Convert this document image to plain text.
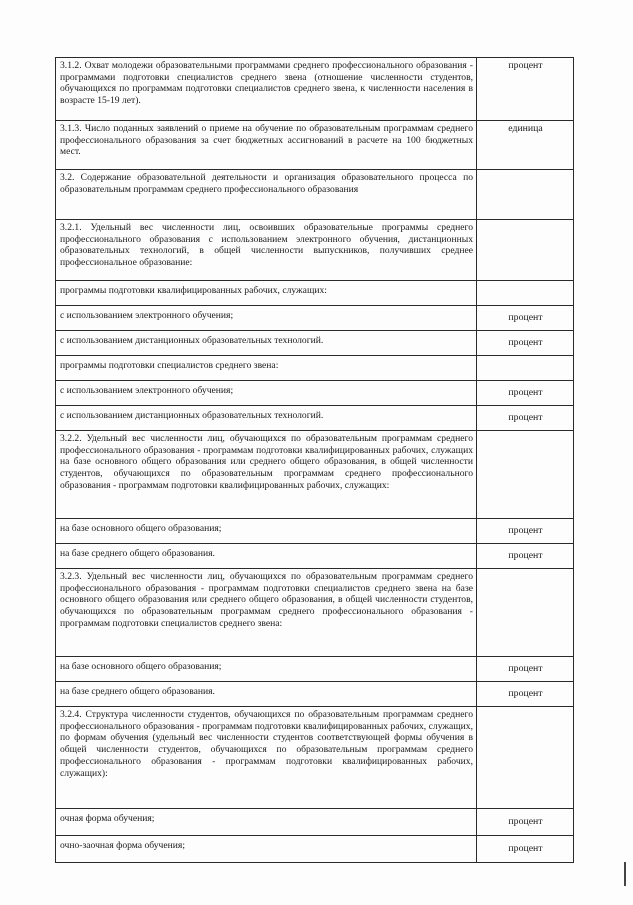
3.1.2. Охват молодежи образовательными программами среднего профессионального образования - программами подготовки специалистов среднего звена (отношение численности студентов, обучающихся по программам подготовки специалистов среднего звена, к численности населения в возрасте 15-19 лет).	процент
3.1.3. Число поданных заявлений о приеме на обучение по образовательным программам среднего профессионального образования за счет бюджетных ассигнований в расчете на 100 бюджетных мест.	единица
3.2. Содержание образовательной деятельности и организация образовательного процесса по образовательным программам среднего профессионального образования	
3.2.1. Удельный вес численности лиц, освоивших образовательные программы среднего профессионального образования с использованием электронного обучения, дистанционных образовательных технологий, в общей численности выпускников, получивших среднее профессиональное образование:	
программы подготовки квалифицированных рабочих, служащих:	
с использованием электронного обучения;	процент
с использованием дистанционных образовательных технологий.	процент
программы подготовки специалистов среднего звена:	
с использованием электронного обучения;	процент
с использованием дистанционных образовательных технологий.	процент
3.2.2. Удельный вес численности лиц, обучающихся по образовательным программам среднего профессионального образования - программам подготовки квалифицированных рабочих, служащих на базе основного общего образования или среднего общего образования, в общей численности студентов, обучающихся по образовательным программам среднего профессионального образования - программам подготовки квалифицированных рабочих, служащих:	
на базе основного общего образования;	процент
на базе среднего общего образования.	процент
3.2.3. Удельный вес численности лиц, обучающихся по образовательным программам среднего профессионального образования - программам подготовки специалистов среднего звена на базе основного общего образования или среднего общего образования, в общей численности студентов, обучающихся по образовательным программам среднего профессионального образования - программам подготовки специалистов среднего звена:	
на базе основного общего образования;	процент
на базе среднего общего образования.	процент
3.2.4. Структура численности студентов, обучающихся по образовательным программам среднего профессионального образования - программам подготовки квалифицированных рабочих, служащих, по формам обучения (удельный вес численности студентов соответствующей формы обучения в общей численности студентов, обучающихся по образовательным программам среднего профессионального образования - программам подготовки квалифицированных рабочих, служащих):	
очная форма обучения;	процент
очно-заочная форма обучения;	процент
